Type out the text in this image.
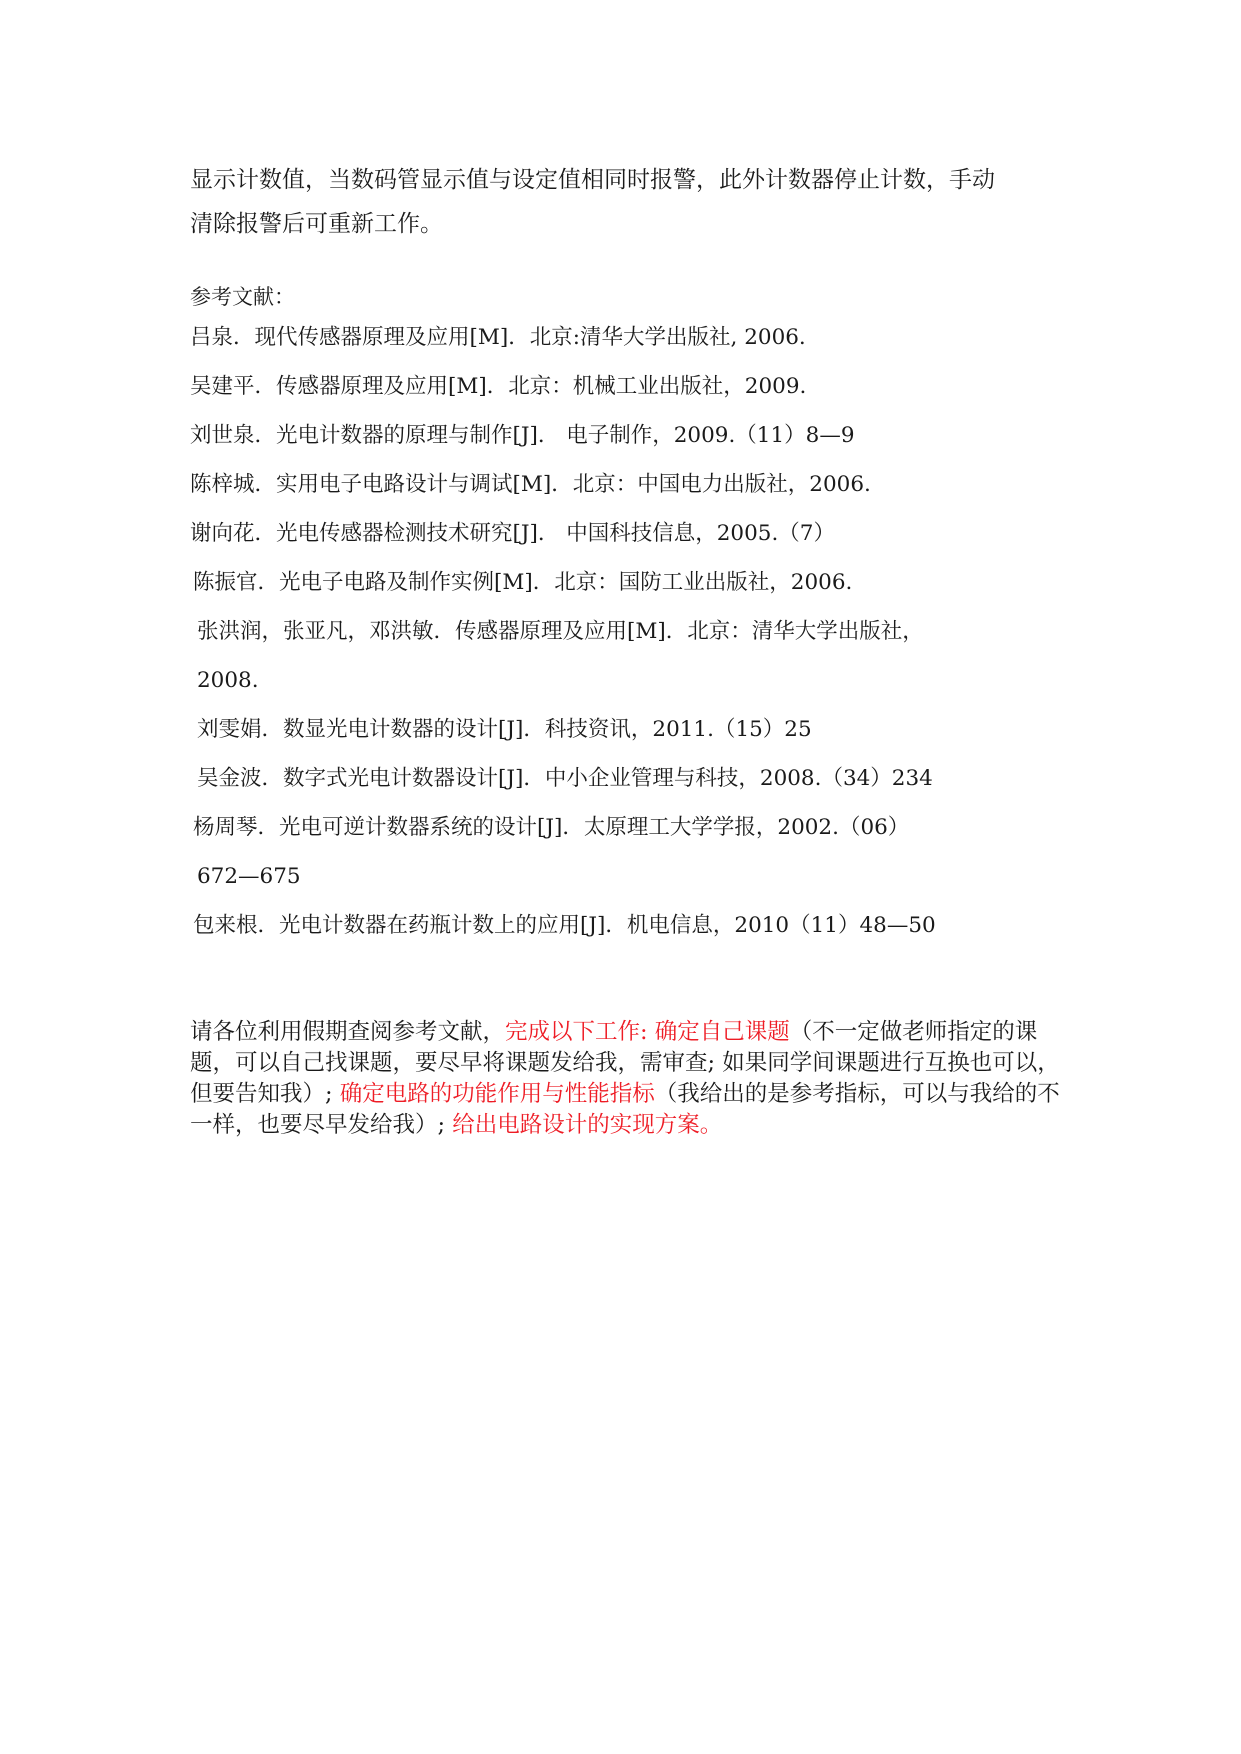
显示计数值，当数码管显示值与设定值相同时报警，此外计数器停止计数，手动
清除报警后可重新工作。

参考文献：

吕泉．现代传感器原理及应用[M]．北京:清华大学出版社, 2006.
吴建平．传感器原理及应用[M]．北京：机械工业出版社，2009.
刘世泉．光电计数器的原理与制作[J]． 电子制作，2009.（11）8—9
陈梓城．实用电子电路设计与调试[M]．北京：中国电力出版社，2006.
谢向花．光电传感器检测技术研究[J]． 中国科技信息，2005.（7）
陈振官．光电子电路及制作实例[M]．北京：国防工业出版社，2006.
张洪润，张亚凡，邓洪敏．传感器原理及应用[M]．北京：清华大学出版社，
2008.
刘雯娟．数显光电计数器的设计[J]．科技资讯，2011.（15）25
吴金波．数字式光电计数器设计[J]．中小企业管理与科技，2008.（34）234
杨周琴．光电可逆计数器系统的设计[J]．太原理工大学学报，2002.（06）
672—675
包来根．光电计数器在药瓶计数上的应用[J]．机电信息，2010（11）48—50

请各位利用假期查阅参考文献，完成以下工作: 确定自己课题（不一定做老师指定的课题，可以自己找课题，要尽早将课题发给我，需审查; 如果同学间课题进行互换也可以，但要告知我）; 确定电路的功能作用与性能指标（我给出的是参考指标，可以与我给的不一样，也要尽早发给我）; 给出电路设计的实现方案。
